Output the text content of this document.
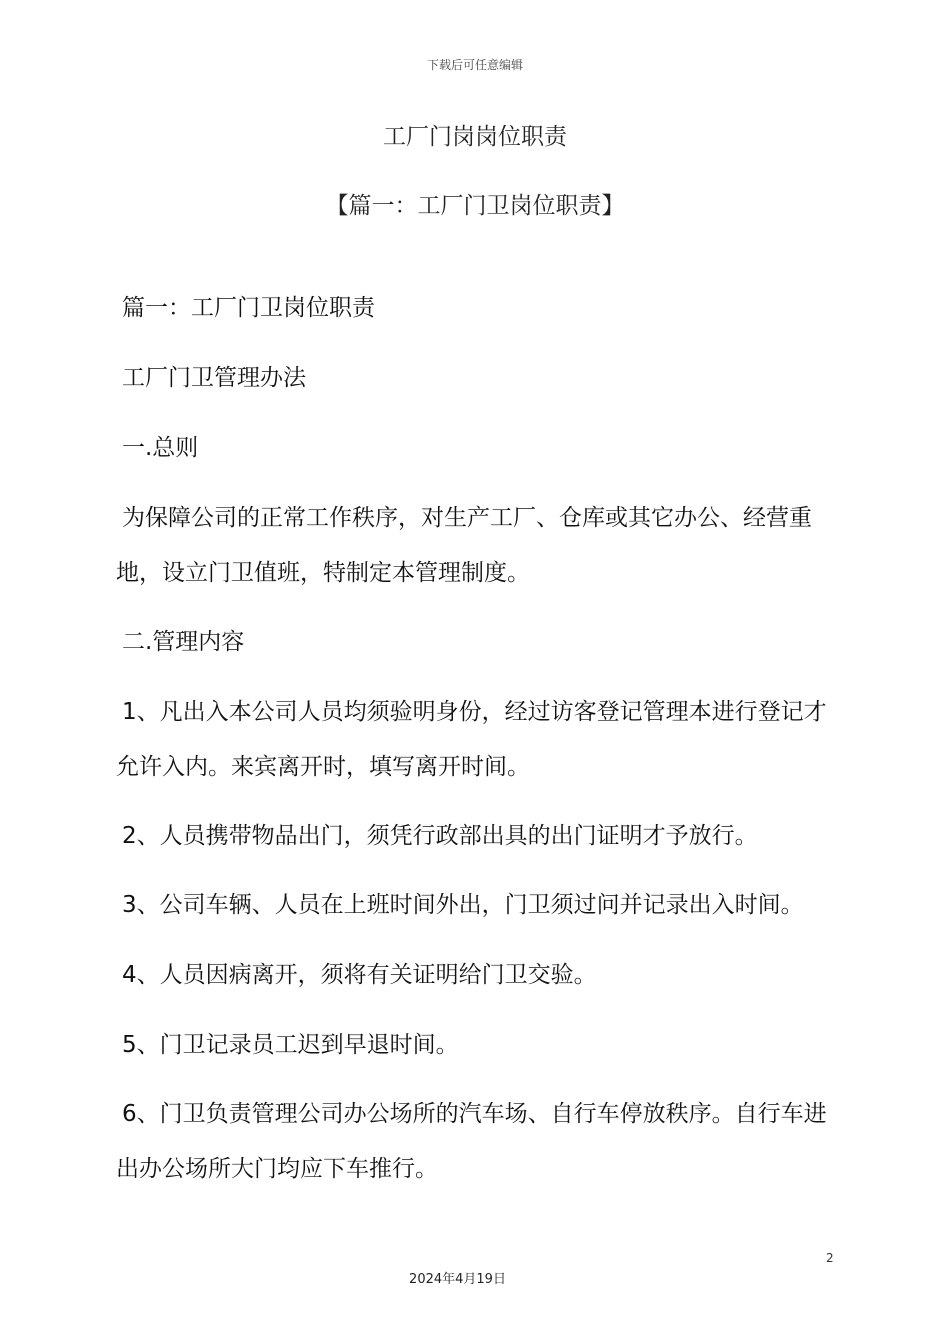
下载后可任意编辑
工厂门岗岗位职责
【篇一：工厂门卫岗位职责】
篇一：工厂门卫岗位职责
工厂门卫管理办法
一.总则
为保障公司的正常工作秩序，对生产工厂、仓库或其它办公、经营重
地，设立门卫值班，特制定本管理制度。
二.管理内容
1、凡出入本公司人员均须验明身份，经过访客登记管理本进行登记才
允许入内。来宾离开时，填写离开时间。
2、人员携带物品出门，须凭行政部出具的出门证明才予放行。
3、公司车辆、人员在上班时间外出，门卫须过问并记录出入时间。
4、人员因病离开，须将有关证明给门卫交验。
5、门卫记录员工迟到早退时间。
6、门卫负责管理公司办公场所的汽车场、自行车停放秩序。自行车进
出办公场所大门均应下车推行。
2
2024年4月19日
